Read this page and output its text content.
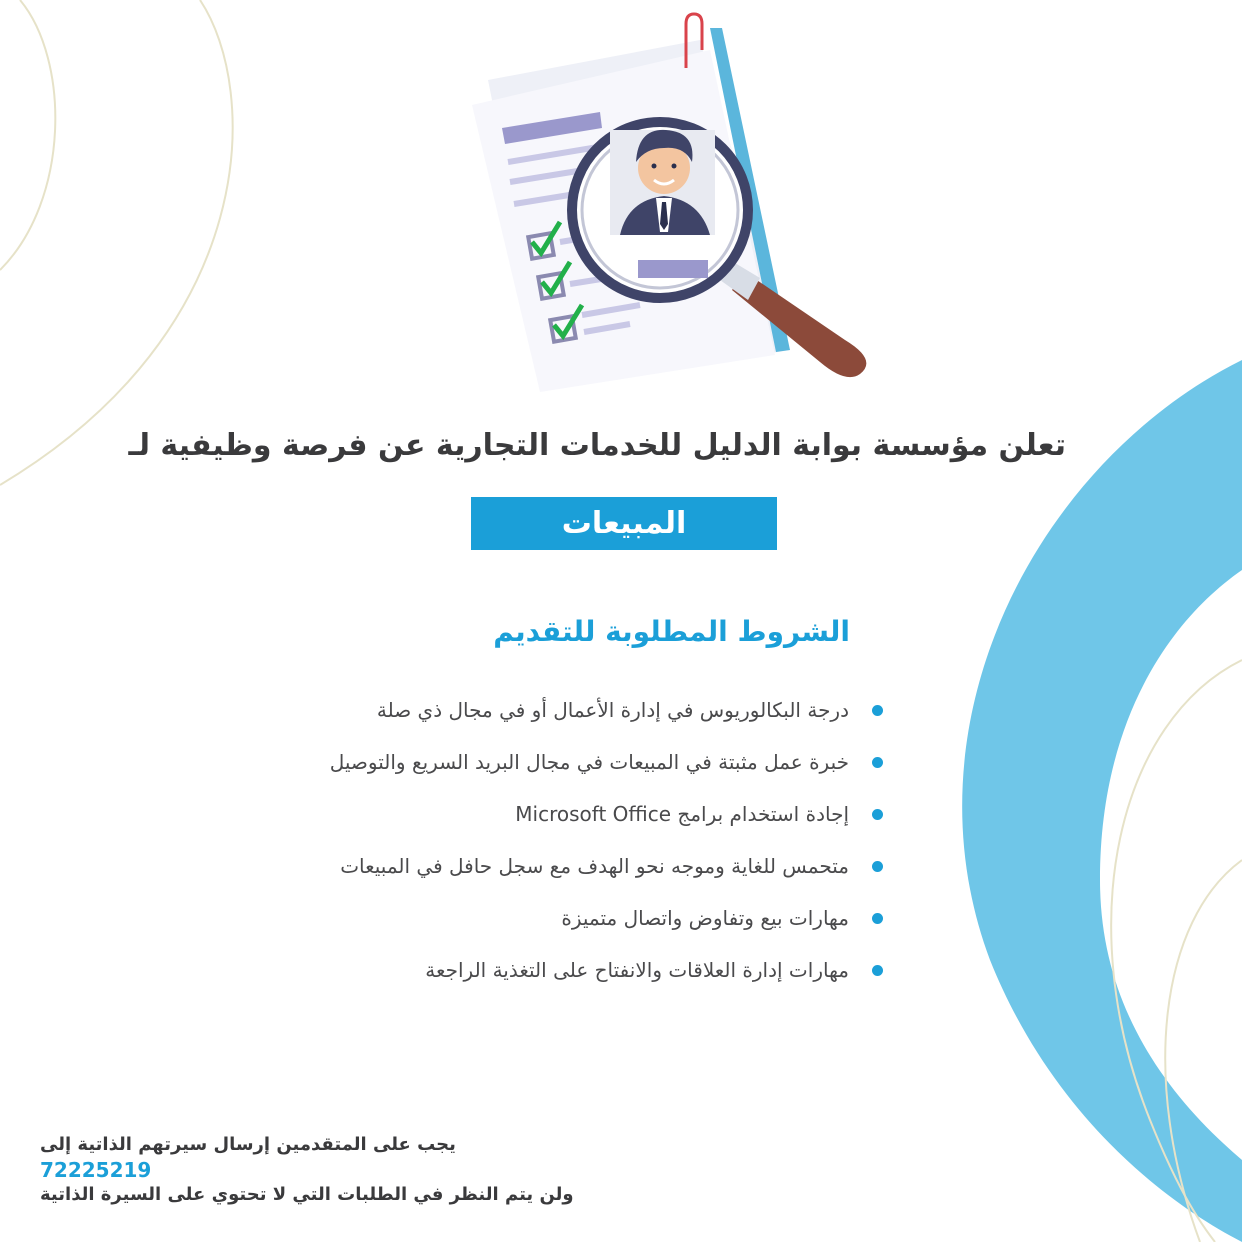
تعلن مؤسسة بوابة الدليل للخدمات التجارية عن فرصة وظيفية لـ
المبيعات
الشروط المطلوبة للتقديم
درجة البكالوريوس في إدارة الأعمال أو في مجال ذي صلة
خبرة عمل مثبتة في المبيعات في مجال البريد السريع والتوصيل
إجادة استخدام برامج Microsoft Office
متحمس للغاية وموجه نحو الهدف مع سجل حافل في المبيعات
مهارات بيع وتفاوض واتصال متميزة
مهارات إدارة العلاقات والانفتاح على التغذية الراجعة
يجب على المتقدمين إرسال سيرتهم الذاتية إلى
72225219
ولن يتم النظر في الطلبات التي لا تحتوي على السيرة الذاتية
